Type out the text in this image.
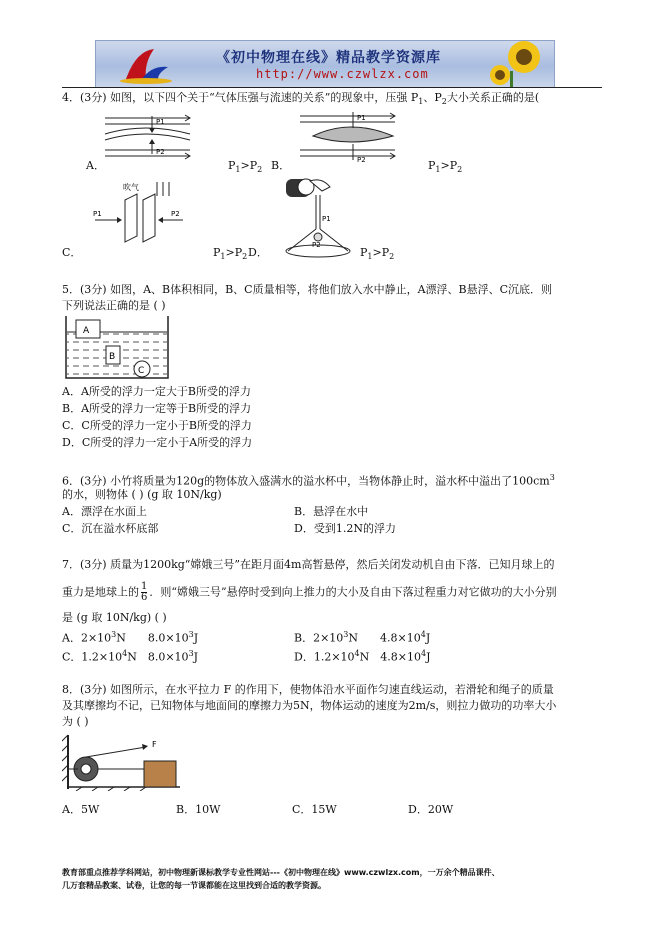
《初中物理在线》精品教学资源库
http://www.czwlzx.com
4．(3分) 如图，以下四个关于“气体压强与流速的关系”的现象中，压强 $P_1$、$P_2$大小关系正确的是(
P1
P2
A．	$P_1>P_2$
P1
P2
B．	$P_1>P_2$
吹气
P1	P2
C．	$P_1>P_2$ D．
P1
P2
$P_1>P_2$
5．(3分) 如图，A、B体积相同，B、C质量相等，将他们放入水中静止，A漂浮、B悬浮、C沉底．则
下列说法正确的是 ( )
A
B
C
A．A所受的浮力一定大于B所受的浮力
B．A所受的浮力一定等于B所受的浮力
C．C所受的浮力一定小于B所受的浮力
D．C所受的浮力一定小于A所受的浮力
6．(3分) 小竹将质量为120g的物体放入盛满水的溢水杯中，当物体静止时，溢水杯中溢出了$100cm^3$
的水，则物体 ( ) (g 取 10N/kg)
A．漂浮在水面上	B．悬浮在水中
C．沉在溢水杯底部	D．受到1.2N的浮力
7．(3分) 质量为1200kg“嫦娥三号”在距月面4m高暂悬停，然后关闭发动机自由下落．已知月球上的
重力是地球上的 $\frac{1}{6}$ ．则“嫦娥三号”悬停时受到向上推力的大小及自由下落过程重力对它做功的大小分别
是 (g 取 10N/kg) ( )
A．$2\times 10^3N$　　$8.0\times 10^3J$	B．$2\times 10^3N$　　$4.8\times 10^4J$
C．$1.2\times 10^4N$　$8.0\times 10^3J$	D．$1.2\times 10^4N$　$4.8\times 10^4J$
8．(3分) 如图所示，在水平拉力 F 的作用下，使物体沿水平面作匀速直线运动，若滑轮和绳子的质量
及其摩擦均不记，已知物体与地面间的摩擦力为5N，物体运动的速度为2m/s，则拉力做功的功率大小
为 ( )
F
A．5W	B．10W	C．15W	D．20W
教育部重点推荐学科网站，初中物理新课标教学专业性网站---《初中物理在线》www.czwlzx.com，一万余个精品课件、
几万套精品教案、试卷，让您的每一节课都能在这里找到合适的教学资源。
